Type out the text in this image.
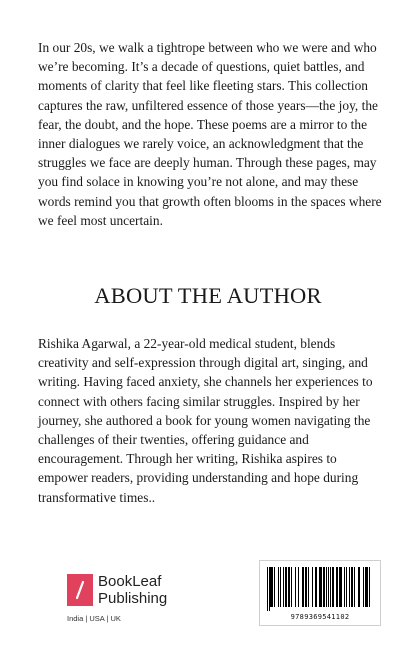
In our 20s, we walk a tightrope between who we were and who we’re becoming. It’s a decade of questions, quiet battles, and moments of clarity that feel like fleeting stars. This collection captures the raw, unfiltered essence of those years—the joy, the fear, the doubt, and the hope. These poems are a mirror to the inner dialogues we rarely voice, an acknowledgment that the struggles we face are deeply human. Through these pages, may you find solace in knowing you’re not alone, and may these words remind you that growth often blooms in the spaces where we feel most uncertain.

ABOUT THE AUTHOR

Rishika Agarwal, a 22-year-old medical student, blends creativity and self-expression through digital art, singing, and writing. Having faced anxiety, she channels her experiences to connect with others facing similar struggles. Inspired by her journey, she authored a book for young women navigating the challenges of their twenties, offering guidance and encouragement. Through her writing, Rishika aspires to empower readers, providing understanding and hope during transformative times..

BookLeaf
Publishing
India | USA | UK	9789369541102
